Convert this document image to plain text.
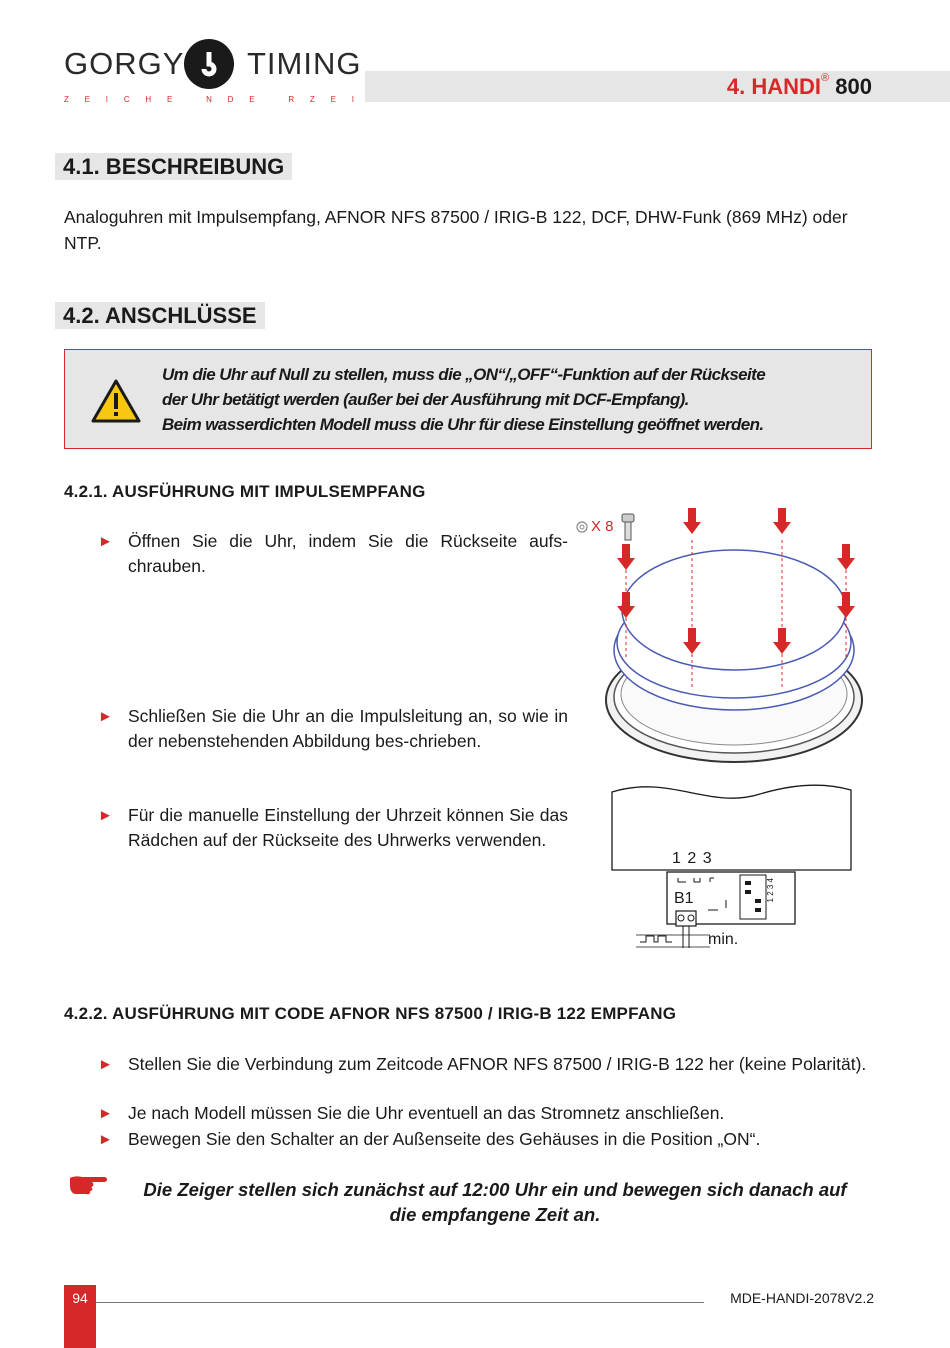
GORGY TIMING
Z E I C H E
	N D E
	R Z E I
4. HANDI® 800
4.1. BESCHREIBUNG
Analoguhren mit Impulsempfang, AFNOR NFS 87500 / IRIG-B 122, DCF, DHW-Funk (869 MHz) oder NTP.
4.2. ANSCHLÜSSE
Um die Uhr auf Null zu stellen, muss die „ON“/„OFF“-Funktion auf der Rückseite
der Uhr betätigt werden (außer bei der Ausführung mit DCF-Empfang).
Beim wasserdichten Modell muss die Uhr für diese Einstellung geöffnet werden.
4.2.1. AUSFÜHRUNG MIT IMPULSEMPFANG
► Öffnen Sie die Uhr, indem Sie die Rückseite aufs-chrauben.
► Schließen Sie die Uhr an die Impulsleitung an, so wie in der nebenstehenden Abbildung bes-chrieben.
► Für die manuelle Einstellung der Uhrzeit können Sie das Rädchen auf der Rückseite des Uhrwerks verwenden.
X 8
1 2 3
B1	1 2 3 4
min.
4.2.2. AUSFÜHRUNG MIT CODE AFNOR NFS 87500 / IRIG-B 122 EMPFANG
► Stellen Sie die Verbindung zum Zeitcode AFNOR NFS 87500 / IRIG-B 122 her (keine Polarität).
► Je nach Modell müssen Sie die Uhr eventuell an das Stromnetz anschließen.
► Bewegen Sie den Schalter an der Außenseite des Gehäuses in die Position „ON“.
Die Zeiger stellen sich zunächst auf 12:00 Uhr ein und bewegen sich danach auf
die empfangene Zeit an.
94	MDE-HANDI-2078V2.2
